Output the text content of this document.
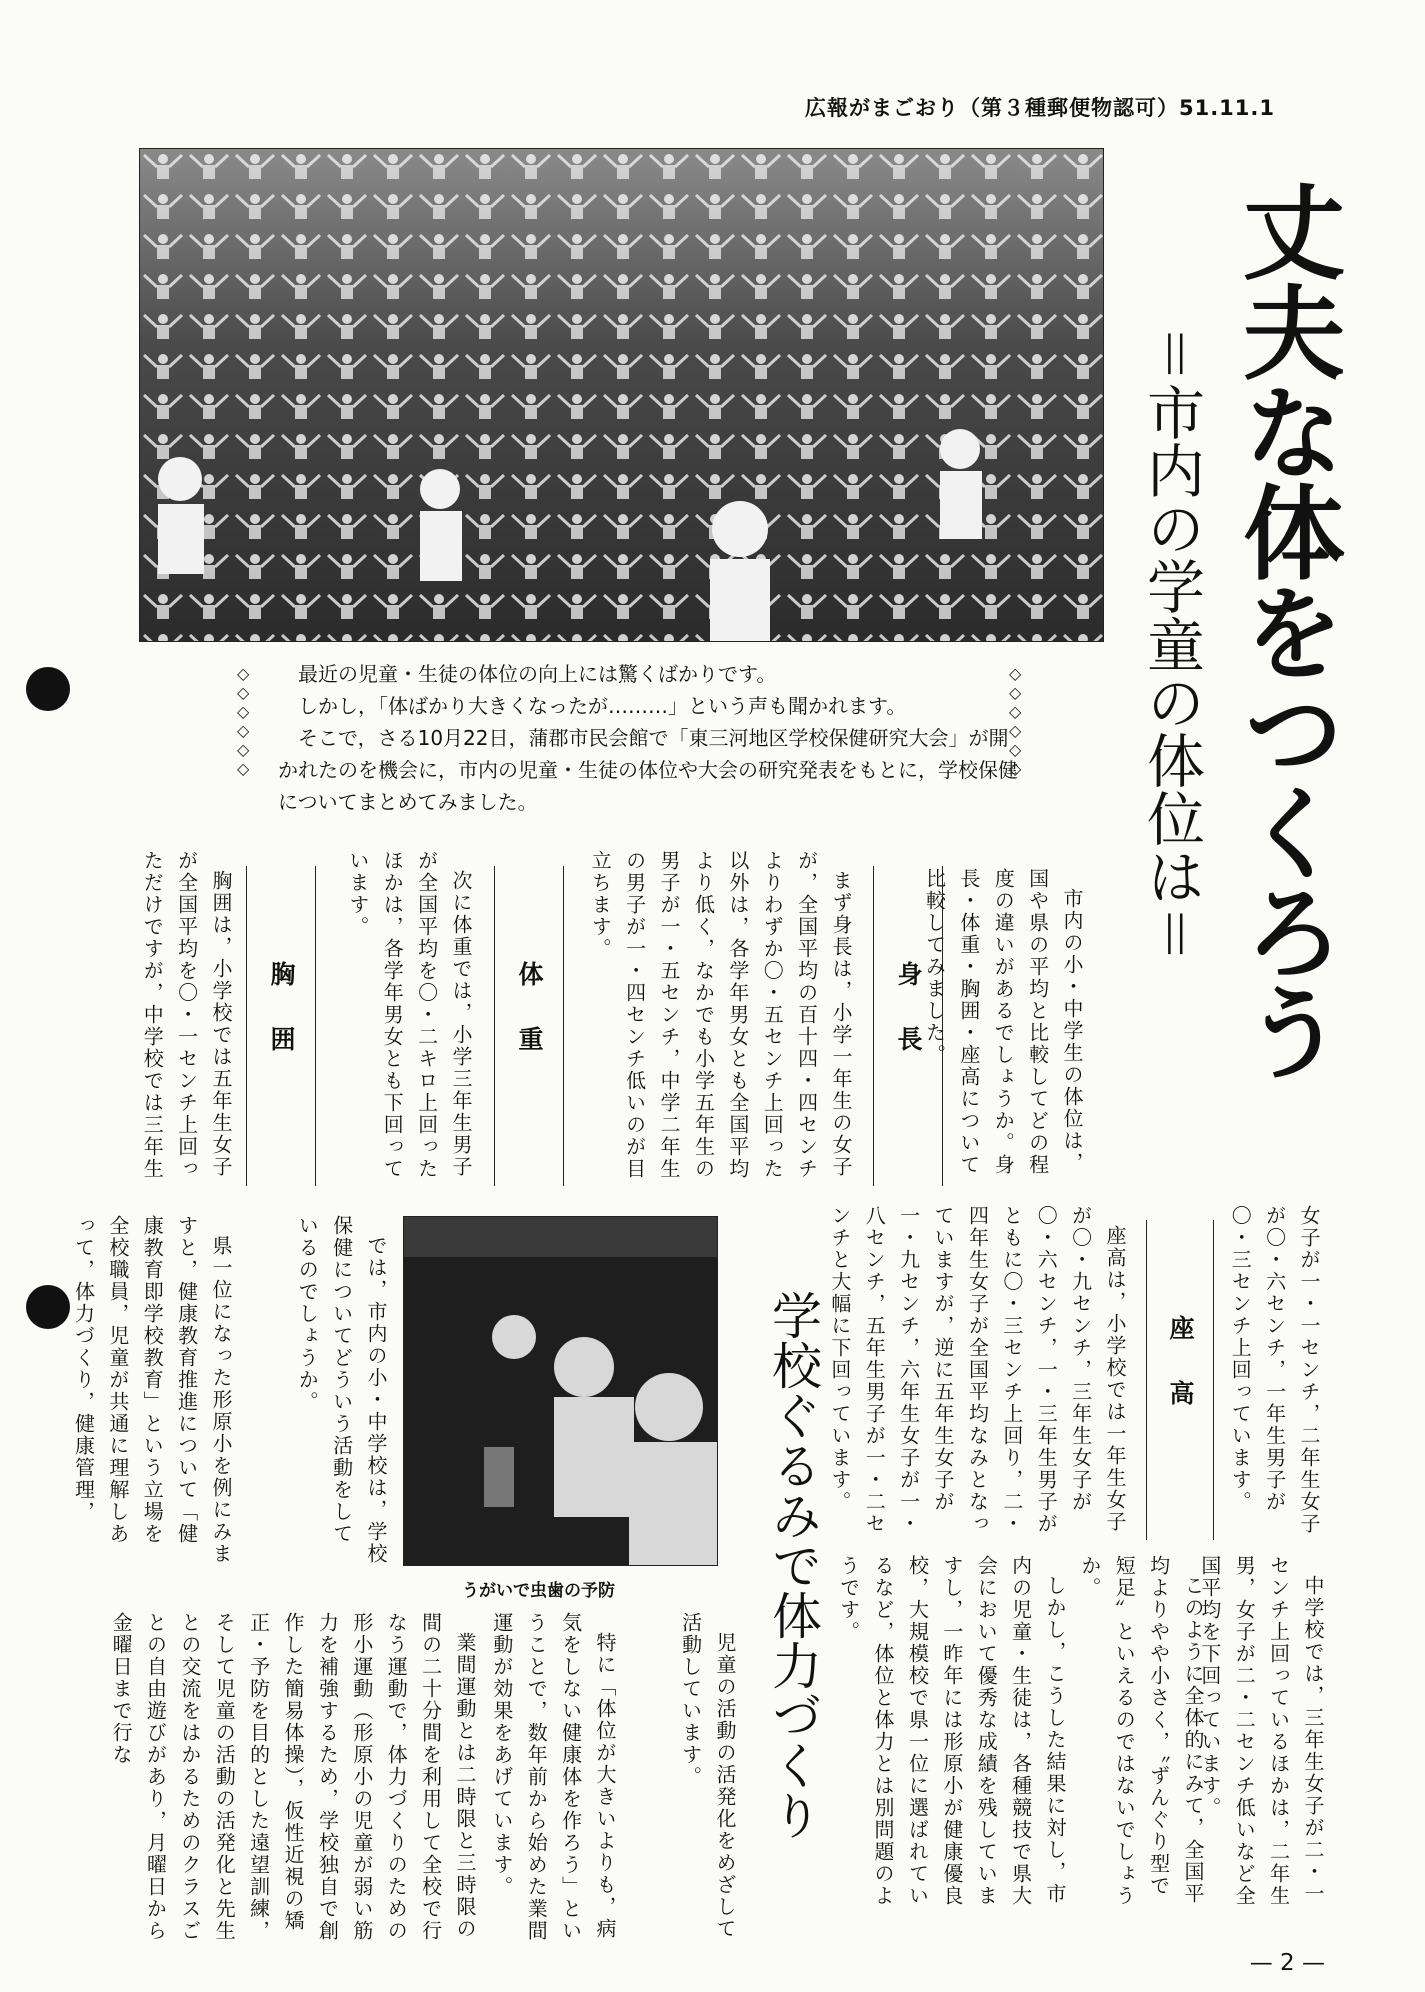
広報がまごおり（第３種郵便物認可）51.11.1
丈夫な体をつくろう
＝市内の学童の体位は＝
◇◇◇◇◇◇	◇◇◇◇◇◇

最近の児童・生徒の体位の向上には驚くばかりです。

しかし，「体ばかり大きくなったが………」という声も聞かれます。

そこで，さる10月22日，蒲郡市民会館で「東三河地区学校保健研究大会」が開かれたのを機会に，市内の児童・生徒の体位や大会の研究発表をもとに，学校保健についてまとめてみました。

市内の小・中学生の体位は，国や県の平均と比較してどの程度の違いがあるでしょうか。身長・体重・胸囲・座高について比較してみました。

身長

まず身長は，小学一年生の女子が，全国平均の百十四・四センチよりわずか〇・五センチ上回った以外は，各学年男女とも全国平均より低く，なかでも小学五年生の男子が一・五センチ，中学二年生の男子が一・四センチ低いのが目立ちます。

体重

次に体重では，小学三年生男子が全国平均を〇・二キロ上回ったほかは，各学年男女とも下回っています。

胸囲

胸囲は，小学校では五年生女子が全国平均を〇・一センチ上回っただけですが，中学校では三年生

女子が一・一センチ，二年生女子が〇・六センチ，一年生男子が〇・三センチ上回っています。

座高

座高は，小学校では一年生女子が〇・九センチ，三年生女子が〇・六センチ，一・三年生男子がともに〇・三センチ上回り，二・四年生女子が全国平均なみとなっていますが，逆に五年生女子が一・九センチ，六年生女子が一・八センチ，五年生男子が一・二センチと大幅に下回っています。

中学校では，三年生女子が二・一センチ上回っているほかは，二年生男，女子が二・二センチ低いなど全国平均を下回っています。

このように全体的にみて，全国平均よりやや小さく，〝ずんぐり型で短足〟といえるのではないでしょうか。

しかし，こうした結果に対し，市内の児童・生徒は，各種競技で県大会において優秀な成績を残していますし，一昨年には形原小が健康優良校，大規模校で県一位に選ばれているなど，体位と体力とは別問題のようです。

学校ぐるみで体力づくり
うがいで虫歯の予防

では，市内の小・中学校は，学校保健についてどういう活動をしているのでしょうか。

県一位になった形原小を例にみますと，健康教育推進について「健康教育即学校教育」という立場を全校職員，児童が共通に理解しあって，体力づくり，健康管理，

児童の活動の活発化をめざして活動しています。

特に「体位が大きいよりも，病気をしない健康体を作ろう」ということで，数年前から始めた業間運動が効果をあげています。

業間運動とは二時限と三時限の間の二十分間を利用して全校で行なう運動で，体力づくりのための形小運動（形原小の児童が弱い筋力を補強するため，学校独自で創作した簡易体操），仮性近視の矯正・予防を目的とした遠望訓練，そして児童の活動の活発化と先生との交流をはかるためのクラスごとの自由遊びがあり，月曜日から金曜日まで行な

— 2 —
